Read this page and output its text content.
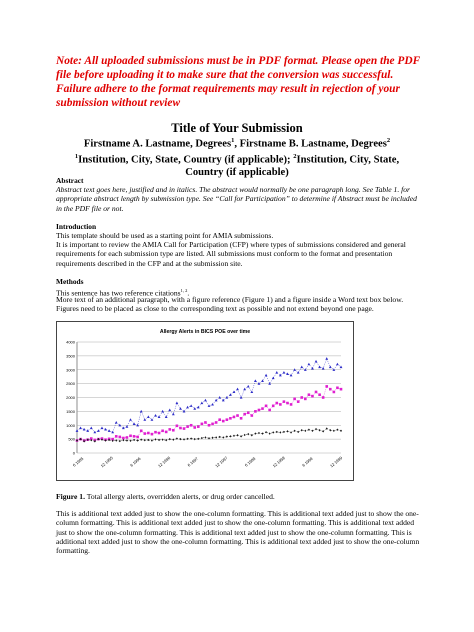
Note: All uploaded submissions must be in PDF format. Please open the PDF file before uploading it to make sure that the conversion was successful. Failure adhere to the format requirements may result in rejection of your submission without review
Title of Your Submission
Firstname A. Lastname, Degrees$^1$, Firstname B. Lastname, Degrees$^2$
$^1$Institution, City, State, Country (if applicable); $^2$Institution, City, State, Country (if applicable)
Abstract
Abstract text goes here, justified and in italics. The abstract would normally be one paragraph long. See Table 1. for appropriate abstract length by submission type. See “Call for Participation” to determine if Abstract must be included in the PDF file or not.
Introduction
This template should be used as a starting point for AMIA submissions.
It is important to review the AMIA Call for Participation (CFP) where types of submissions considered and general requirements for each submission type are listed. All submissions must conform to the format and presentation requirements described in the CFP and at the submission site.
Methods
This sentence has two reference citations$^{1, 2}$.
More text of an additional paragraph, with a figure reference (Figure 1) and a figure inside a Word text box below. Figures need to be placed as close to the corresponding text as possible and not extend beyond one page.
Allergy Alerts in BICS POE over time
0
500
1000
1500
2000
2500
3000
3500
4000
6 1995	12 1995	6 1996	12 1996	6 1997	12 1997	6 1998	12 1998	6 1999	12 1999
Figure 1. Total allergy alerts, overridden alerts, or drug order cancelled.
This is additional text added just to show the one-column formatting. This is additional text added just to show the one-column formatting. This is additional text added just to show the one-column formatting. This is additional text added just to show the one-column formatting. This is additional text added just to show the one-column formatting. This is additional text added just to show the one-column formatting. This is additional text added just to show the one-column formatting.
